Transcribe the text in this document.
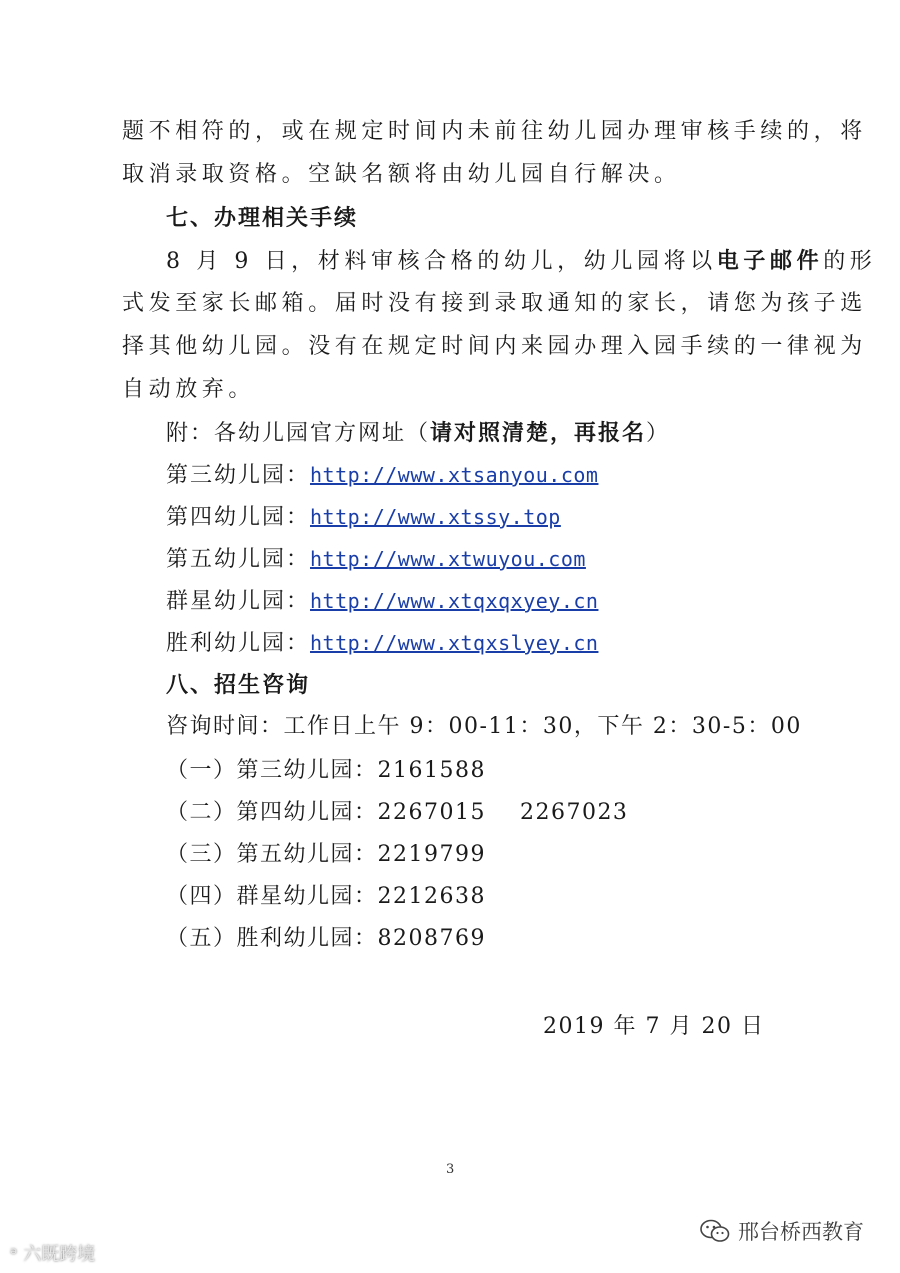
题不相符的，或在规定时间内未前往幼儿园办理审核手续的，将
取消录取资格。空缺名额将由幼儿园自行解决。
七、办理相关手续
8 月 9 日，材料审核合格的幼儿，幼儿园将以电子邮件的形
式发至家长邮箱。届时没有接到录取通知的家长，请您为孩子选
择其他幼儿园。没有在规定时间内来园办理入园手续的一律视为
自动放弃。
附：各幼儿园官方网址（请对照清楚，再报名）
第三幼儿园：http://www.xtsanyou.com
第四幼儿园：http://www.xtssy.top
第五幼儿园：http://www.xtwuyou.com
群星幼儿园：http://www.xtqxqxyey.cn
胜利幼儿园：http://www.xtqxslyey.cn
八、招生咨询
咨询时间：工作日上午 9：00-11：30，下午 2：30-5：00
（一）第三幼儿园：2161588
（二）第四幼儿园：2267015    2267023
（三）第五幼儿园：2219799
（四）群星幼儿园：2212638
（五）胜利幼儿园：8208769
2019 年 7 月 20 日
3
ᵊ 六既跨境
邢台桥西教育
